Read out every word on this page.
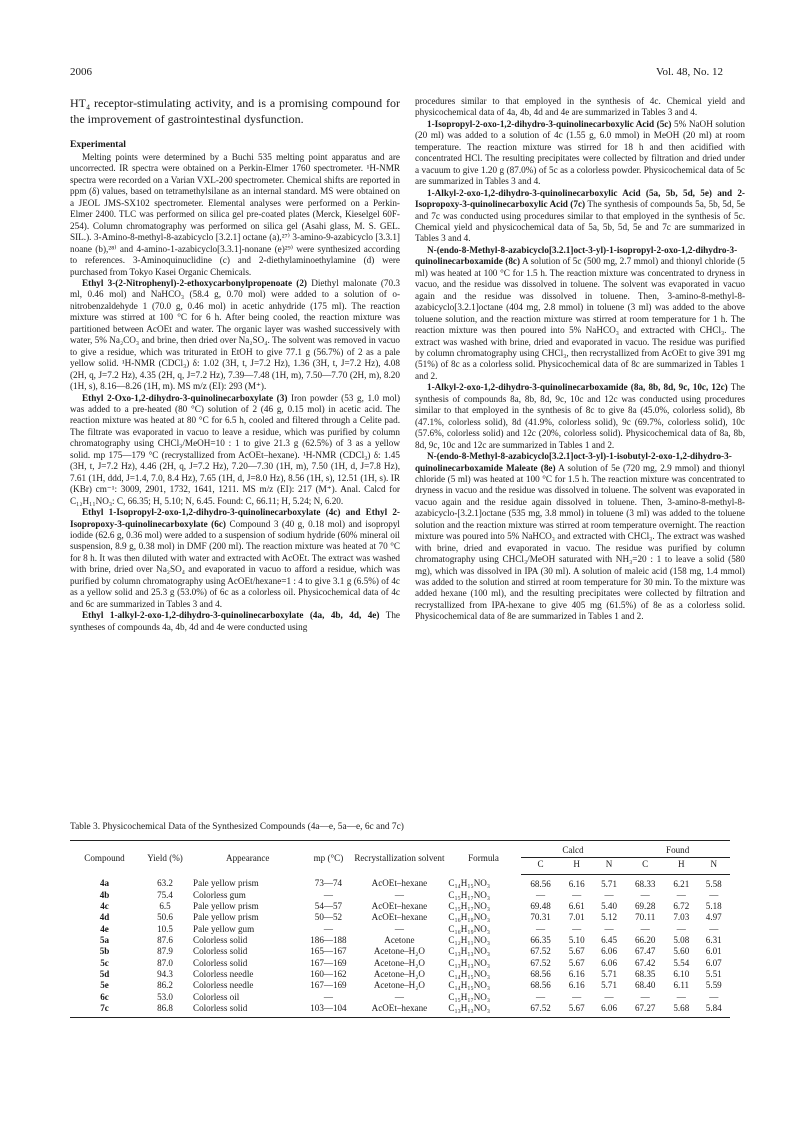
2006	Vol. 48, No. 12

HT₄ receptor-stimulating activity, and is a promising compound for the improvement of gastrointestinal dysfunction.

Experimental

Melting points were determined by a Buchi 535 melting point apparatus and are uncorrected. IR spectra were obtained on a Perkin-Elmer 1760 spectrometer. ¹H-NMR spectra were recorded on a Varian VXL-200 spectrometer. Chemical shifts are reported in ppm (δ) values, based on tetramethylsilane as an internal standard. MS were obtained on a JEOL JMS-SX102 spectrometer. Elemental analyses were performed on a Perkin-Elmer 2400. TLC was performed on silica gel pre-coated plates (Merck, Kieselgel 60F-254). Column chromatography was performed on silica gel (Asahi glass, M. S. GEL. SIL.). 3-Amino-8-methyl-8-azabicyclo [3.2.1] octane (a),²⁷⁾ 3-amino-9-azabicyclo [3.3.1] noane (b),²⁸⁾ and 4-amino-1-azabicyclo[3.3.1]-nonane (e)²⁹⁾ were synthesized according to references. 3-Aminoquinuclidine (c) and 2-diethylaminoethylamine (d) were purchased from Tokyo Kasei Organic Chemicals.

Ethyl 3-(2-Nitrophenyl)-2-ethoxycarbonylpropenoate (2) Diethyl malonate (70.3 ml, 0.46 mol) and NaHCO₃ (58.4 g, 0.70 mol) were added to a solution of o-nitrobenzaldehyde 1 (70.0 g, 0.46 mol) in acetic anhydride (175 ml). The reaction mixture was stirred at 100 °C for 6 h. After being cooled, the reaction mixture was partitioned between AcOEt and water. The organic layer was washed successively with water, 5% Na₂CO₃ and brine, then dried over Na₂SO₄. The solvent was removed in vacuo to give a residue, which was triturated in EtOH to give 77.1 g (56.7%) of 2 as a pale yellow solid. ¹H-NMR (CDCl₃) δ: 1.02 (3H, t, J=7.2 Hz), 1.36 (3H, t, J=7.2 Hz), 4.08 (2H, q, J=7.2 Hz), 4.35 (2H, q, J=7.2 Hz), 7.39—7.48 (1H, m), 7.50—7.70 (2H, m), 8.20 (1H, s), 8.16—8.26 (1H, m). MS m/z (EI): 293 (M⁺).

Ethyl 2-Oxo-1,2-dihydro-3-quinolinecarboxylate (3) Iron powder (53 g, 1.0 mol) was added to a pre-heated (80 °C) solution of 2 (46 g, 0.15 mol) in acetic acid. The reaction mixture was heated at 80 °C for 6.5 h, cooled and filtered through a Celite pad. The filtrate was evaporated in vacuo to leave a residue, which was purified by column chromatography using CHCl₃/MeOH=10 : 1 to give 21.3 g (62.5%) of 3 as a yellow solid. mp 175—179 °C (recrystallized from AcOEt–hexane). ¹H-NMR (CDCl₃) δ: 1.45 (3H, t, J=7.2 Hz), 4.46 (2H, q, J=7.2 Hz), 7.20—7.30 (1H, m), 7.50 (1H, d, J=7.8 Hz), 7.61 (1H, ddd, J=1.4, 7.0, 8.4 Hz), 7.65 (1H, d, J=8.0 Hz), 8.56 (1H, s), 12.51 (1H, s). IR (KBr) cm⁻¹: 3009, 2901, 1732, 1641, 1211. MS m/z (EI): 217 (M⁺). Anal. Calcd for C₁₂H₁₁NO₃: C, 66.35; H, 5.10; N, 6.45. Found: C, 66.11; H, 5.24; N, 6.20.

Ethyl 1-Isopropyl-2-oxo-1,2-dihydro-3-quinolinecarboxylate (4c) and Ethyl 2-Isopropoxy-3-quinolinecarboxylate (6c) Compound 3 (40 g, 0.18 mol) and isopropyl iodide (62.6 g, 0.36 mol) were added to a suspension of sodium hydride (60% mineral oil suspension, 8.9 g, 0.38 mol) in DMF (200 ml). The reaction mixture was heated at 70 °C for 8 h. It was then diluted with water and extracted with AcOEt. The extract was washed with brine, dried over Na₂SO₄ and evaporated in vacuo to afford a residue, which was purified by column chromatography using AcOEt/hexane=1 : 4 to give 3.1 g (6.5%) of 4c as a yellow solid and 25.3 g (53.0%) of 6c as a colorless oil. Physicochemical data of 4c and 6c are summarized in Tables 3 and 4.

Ethyl 1-alkyl-2-oxo-1,2-dihydro-3-quinolinecarboxylate (4a, 4b, 4d, 4e) The syntheses of compounds 4a, 4b, 4d and 4e were conducted using

procedures similar to that employed in the synthesis of 4c. Chemical yield and physicochemical data of 4a, 4b, 4d and 4e are summarized in Tables 3 and 4.

1-Isopropyl-2-oxo-1,2-dihydro-3-quinolinecarboxylic Acid (5c) 5% NaOH solution (20 ml) was added to a solution of 4c (1.55 g, 6.0 mmol) in MeOH (20 ml) at room temperature. The reaction mixture was stirred for 18 h and then acidified with concentrated HCl. The resulting precipitates were collected by filtration and dried under a vacuum to give 1.20 g (87.0%) of 5c as a colorless powder. Physicochemical data of 5c are summarized in Tables 3 and 4.

1-Alkyl-2-oxo-1,2-dihydro-3-quinolinecarboxylic Acid (5a, 5b, 5d, 5e) and 2-Isopropoxy-3-quinolinecarboxylic Acid (7c) The synthesis of compounds 5a, 5b, 5d, 5e and 7c was conducted using procedures similar to that employed in the synthesis of 5c. Chemical yield and physicochemical data of 5a, 5b, 5d, 5e and 7c are summarized in Tables 3 and 4.

N-(endo-8-Methyl-8-azabicyclo[3.2.1]oct-3-yl)-1-isopropyl-2-oxo-1,2-dihydro-3-quinolinecarboxamide (8c) A solution of 5c (500 mg, 2.7 mmol) and thionyl chloride (5 ml) was heated at 100 °C for 1.5 h. The reaction mixture was concentrated to dryness in vacuo, and the residue was dissolved in toluene. The solvent was evaporated in vacuo again and the residue was dissolved in toluene. Then, 3-amino-8-methyl-8-azabicyclo[3.2.1]octane (404 mg, 2.8 mmol) in toluene (3 ml) was added to the above toluene solution, and the reaction mixture was stirred at room temperature for 1 h. The reaction mixture was then poured into 5% NaHCO₃ and extracted with CHCl₃. The extract was washed with brine, dried and evaporated in vacuo. The residue was purified by column chromatography using CHCl₃, then recrystallized from AcOEt to give 391 mg (51%) of 8c as a colorless solid. Physicochemical data of 8c are summarized in Tables 1 and 2.

1-Alkyl-2-oxo-1,2-dihydro-3-quinolinecarboxamide (8a, 8b, 8d, 9c, 10c, 12c) The synthesis of compounds 8a, 8b, 8d, 9c, 10c and 12c was conducted using procedures similar to that employed in the synthesis of 8c to give 8a (45.0%, colorless solid), 8b (47.1%, colorless solid), 8d (41.9%, colorless solid), 9c (69.7%, colorless solid), 10c (57.6%, colorless solid) and 12c (20%, colorless solid). Physicochemical data of 8a, 8b, 8d, 9c, 10c and 12c are summarized in Tables 1 and 2.

N-(endo-8-Methyl-8-azabicyclo[3.2.1]oct-3-yl)-1-isobutyl-2-oxo-1,2-dihydro-3-quinolinecarboxamide Maleate (8e) A solution of 5e (720 mg, 2.9 mmol) and thionyl chloride (5 ml) was heated at 100 °C for 1.5 h. The reaction mixture was concentrated to dryness in vacuo and the residue was dissolved in toluene. The solvent was evaporated in vacuo again and the residue again dissolved in toluene. Then, 3-amino-8-methyl-8-azabicyclo-[3.2.1]octane (535 mg, 3.8 mmol) in toluene (3 ml) was added to the toluene solution and the reaction mixture was stirred at room temperature overnight. The reaction mixture was poured into 5% NaHCO₃ and extracted with CHCl₃. The extract was washed with brine, dried and evaporated in vacuo. The residue was purified by column chromatography using CHCl₃/MeOH saturated with NH₃=20 : 1 to leave a solid (580 mg), which was dissolved in IPA (30 ml). A solution of maleic acid (158 mg, 1.4 mmol) was added to the solution and stirred at room temperature for 30 min. To the mixture was added hexane (100 ml), and the resulting precipitates were collected by filtration and recrystallized from IPA-hexane to give 405 mg (61.5%) of 8e as a colorless solid. Physicochemical data of 8e are summarized in Tables 1 and 2.

Table 3. Physicochemical Data of the Synthesized Compounds (4a—e, 5a—e, 6c and 7c)

Compound	Yield (%)	Appearance	mp (°C)	Recrystallization solvent	Formula	Calcd			Found		
						C	H	N	C	H	N
4a	63.2	Pale yellow prism	73—74	AcOEt–hexane	C₁₄H₁₅NO₃	68.56	6.16	5.71	68.33	6.21	5.58
4b	75.4	Colorless gum	—	—	C₁₅H₁₇NO₃	—	—	—	—	—	—
4c	6.5	Pale yellow prism	54—57	AcOEt–hexane	C₁₅H₁₇NO₃	69.48	6.61	5.40	69.28	6.72	5.18
4d	50.6	Pale yellow prism	50—52	AcOEt–hexane	C₁₆H₁₉NO₃	70.31	7.01	5.12	70.11	7.03	4.97
4e	10.5	Pale yellow gum	—	—	C₁₆H₁₉NO₃	—	—	—	—	—	—
5a	87.6	Colorless solid	186—188	Acetone	C₁₂H₁₁NO₃	66.35	5.10	6.45	66.20	5.08	6.31
5b	87.9	Colorless solid	165—167	Acetone–H₂O	C₁₃H₁₃NO₃	67.52	5.67	6.06	67.47	5.60	6.01
5c	87.0	Colorless solid	167—169	Acetone–H₂O	C₁₃H₁₃NO₃	67.52	5.67	6.06	67.42	5.54	6.07
5d	94.3	Colorless needle	160—162	Acetone–H₂O	C₁₄H₁₅NO₃	68.56	6.16	5.71	68.35	6.10	5.51
5e	86.2	Colorless needle	167—169	Acetone–H₂O	C₁₄H₁₅NO₃	68.56	6.16	5.71	68.40	6.11	5.59
6c	53.0	Colorless oil	—	—	C₁₅H₁₇NO₃	—	—	—	—	—	—
7c	86.8	Colorless solid	103—104	AcOEt–hexane	C₁₃H₁₃NO₃	67.52	5.67	6.06	67.27	5.68	5.84
